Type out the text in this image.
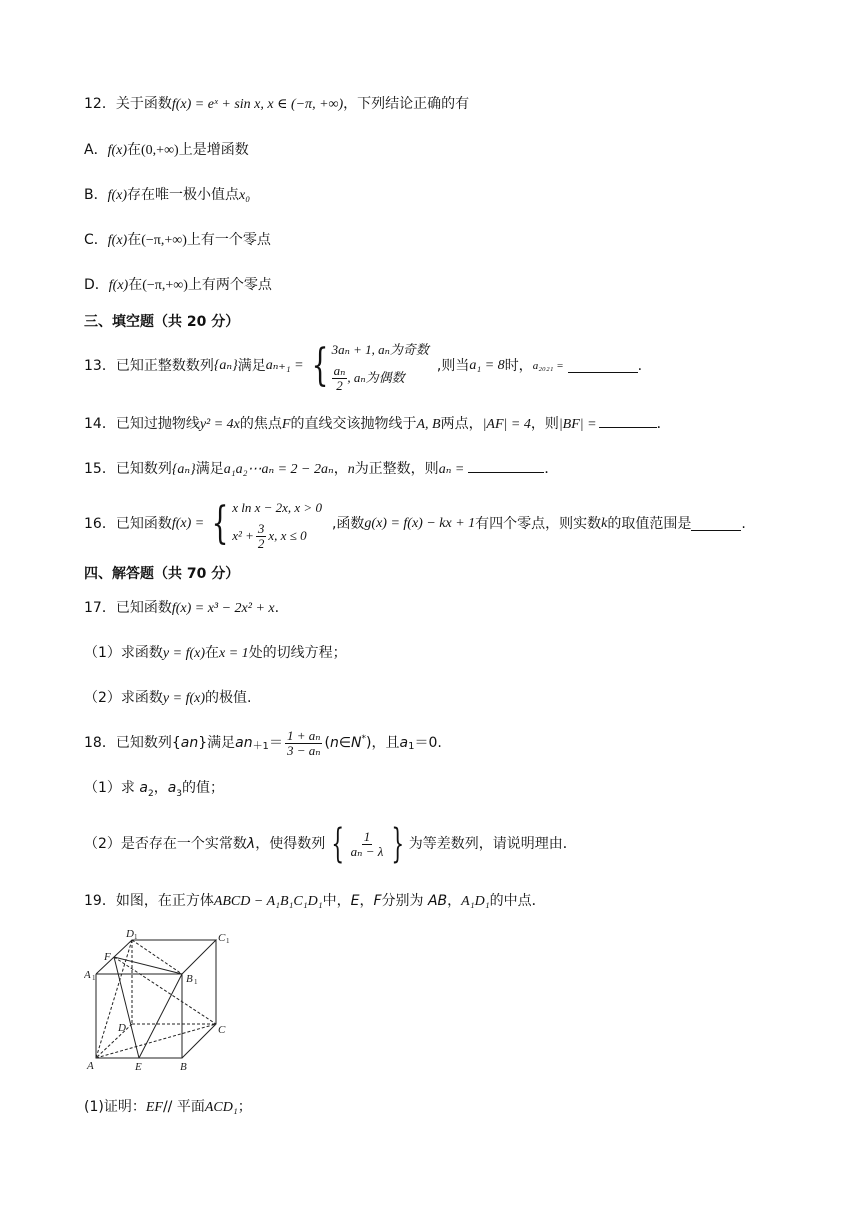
12．关于函数f(x) = eˣ + sin x, x ∈ (−π, +∞)，下列结论正确的有
A．f(x)在(0,+∞)上是增函数
B．f(x)存在唯一极小值点x₀
C．f(x)在(−π,+∞)上有一个零点
D．f(x)在(−π,+∞)上有两个零点
三、填空题（共 20 分）
13．已知正整数数列 {aₙ} 满足 aₙ₊₁ = { 3aₙ + 1, aₙ为奇数
$\frac{\text{aₙ}}{2}$ , aₙ为偶数
,则当 a₁ = 8 时， a₂₀₂₁ =	.
14．已知过抛物线y² = 4x的焦点F的直线交该抛物线于A, B两点，|AF| = 4，则|BF| =	．
15．已知数列{aₙ}满足a₁a₂⋯aₙ = 2 − 2aₙ，n为正整数，则aₙ =	．
16．已知函数 f(x) = { x ln x − 2x, x > 0
$x^2 + \frac{3}{2} x$, x ≤ 0
,函数 g(x) = f(x) − kx + 1 有四个零点，则实数 k 的取值范围是	.
四、解答题（共 70 分）
17．已知函数f(x) = x³ − 2x² + x.
（1）求函数y = f(x)在x = 1处的切线方程；
（2）求函数y = f(x)的极值.
18．已知数列{ an }满足 $an_{+1} = \frac{\text{1 + aₙ}}{\text{3 − aₙ}}$ ( n ∈ N* )，且 $a_1 =0$.
（1）求 $a_2$，$a_3$的值；
（2）是否存在一个实常数 λ ，使得数列 { $\frac{1}{\text{aₙ − λ}}$ } 为等差数列，请说明理由．
19．如图，在正方体ABCD − A₁B₁C₁D₁中，E，F分别为 AB，A₁D₁的中点．
D 1	C 1
F
A 1	B 1
D	C
A	E	B
(1)证明：EF// 平面ACD₁；
